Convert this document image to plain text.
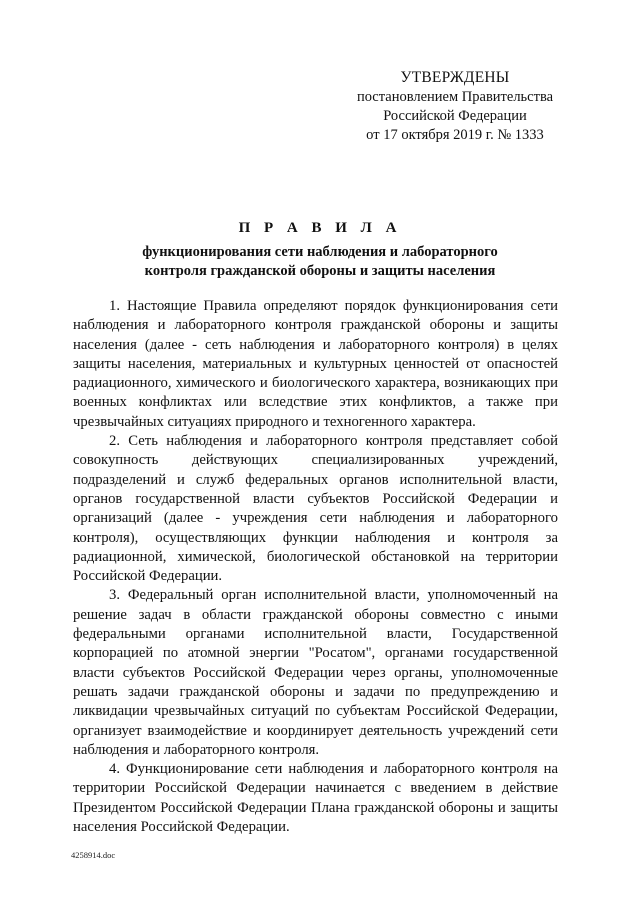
УТВЕРЖДЕНЫ
постановлением Правительства
Российской Федерации
от 17 октября 2019 г. № 1333
П Р А В И Л А
функционирования сети наблюдения и лабораторного
контроля гражданской обороны и защиты населения

1. Настоящие Правила определяют порядок функционирования сети наблюдения и лабораторного контроля гражданской обороны и защиты населения (далее - сеть наблюдения и лабораторного контроля) в целях защиты населения, материальных и культурных ценностей от опасностей радиационного, химического и биологического характера, возникающих при военных конфликтах или вследствие этих конфликтов, а также при чрезвычайных ситуациях природного и техногенного характера.

2. Сеть наблюдения и лабораторного контроля представляет собой совокупность действующих специализированных учреждений, подразделений и служб федеральных органов исполнительной власти, органов государственной власти субъектов Российской Федерации и организаций (далее - учреждения сети наблюдения и лабораторного контроля), осуществляющих функции наблюдения и контроля за радиационной, химической, биологической обстановкой на территории Российской Федерации.

3. Федеральный орган исполнительной власти, уполномоченный на решение задач в области гражданской обороны совместно с иными федеральными органами исполнительной власти, Государственной корпорацией по атомной энергии "Росатом", органами государственной власти субъектов Российской Федерации через органы, уполномоченные решать задачи гражданской обороны и задачи по предупреждению и ликвидации чрезвычайных ситуаций по субъектам Российской Федерации, организует взаимодействие и координирует деятельность учреждений сети наблюдения и лабораторного контроля.

4. Функционирование сети наблюдения и лабораторного контроля на территории Российской Федерации начинается с введением в действие Президентом Российской Федерации Плана гражданской обороны и защиты населения Российской Федерации.

4258914.doc
